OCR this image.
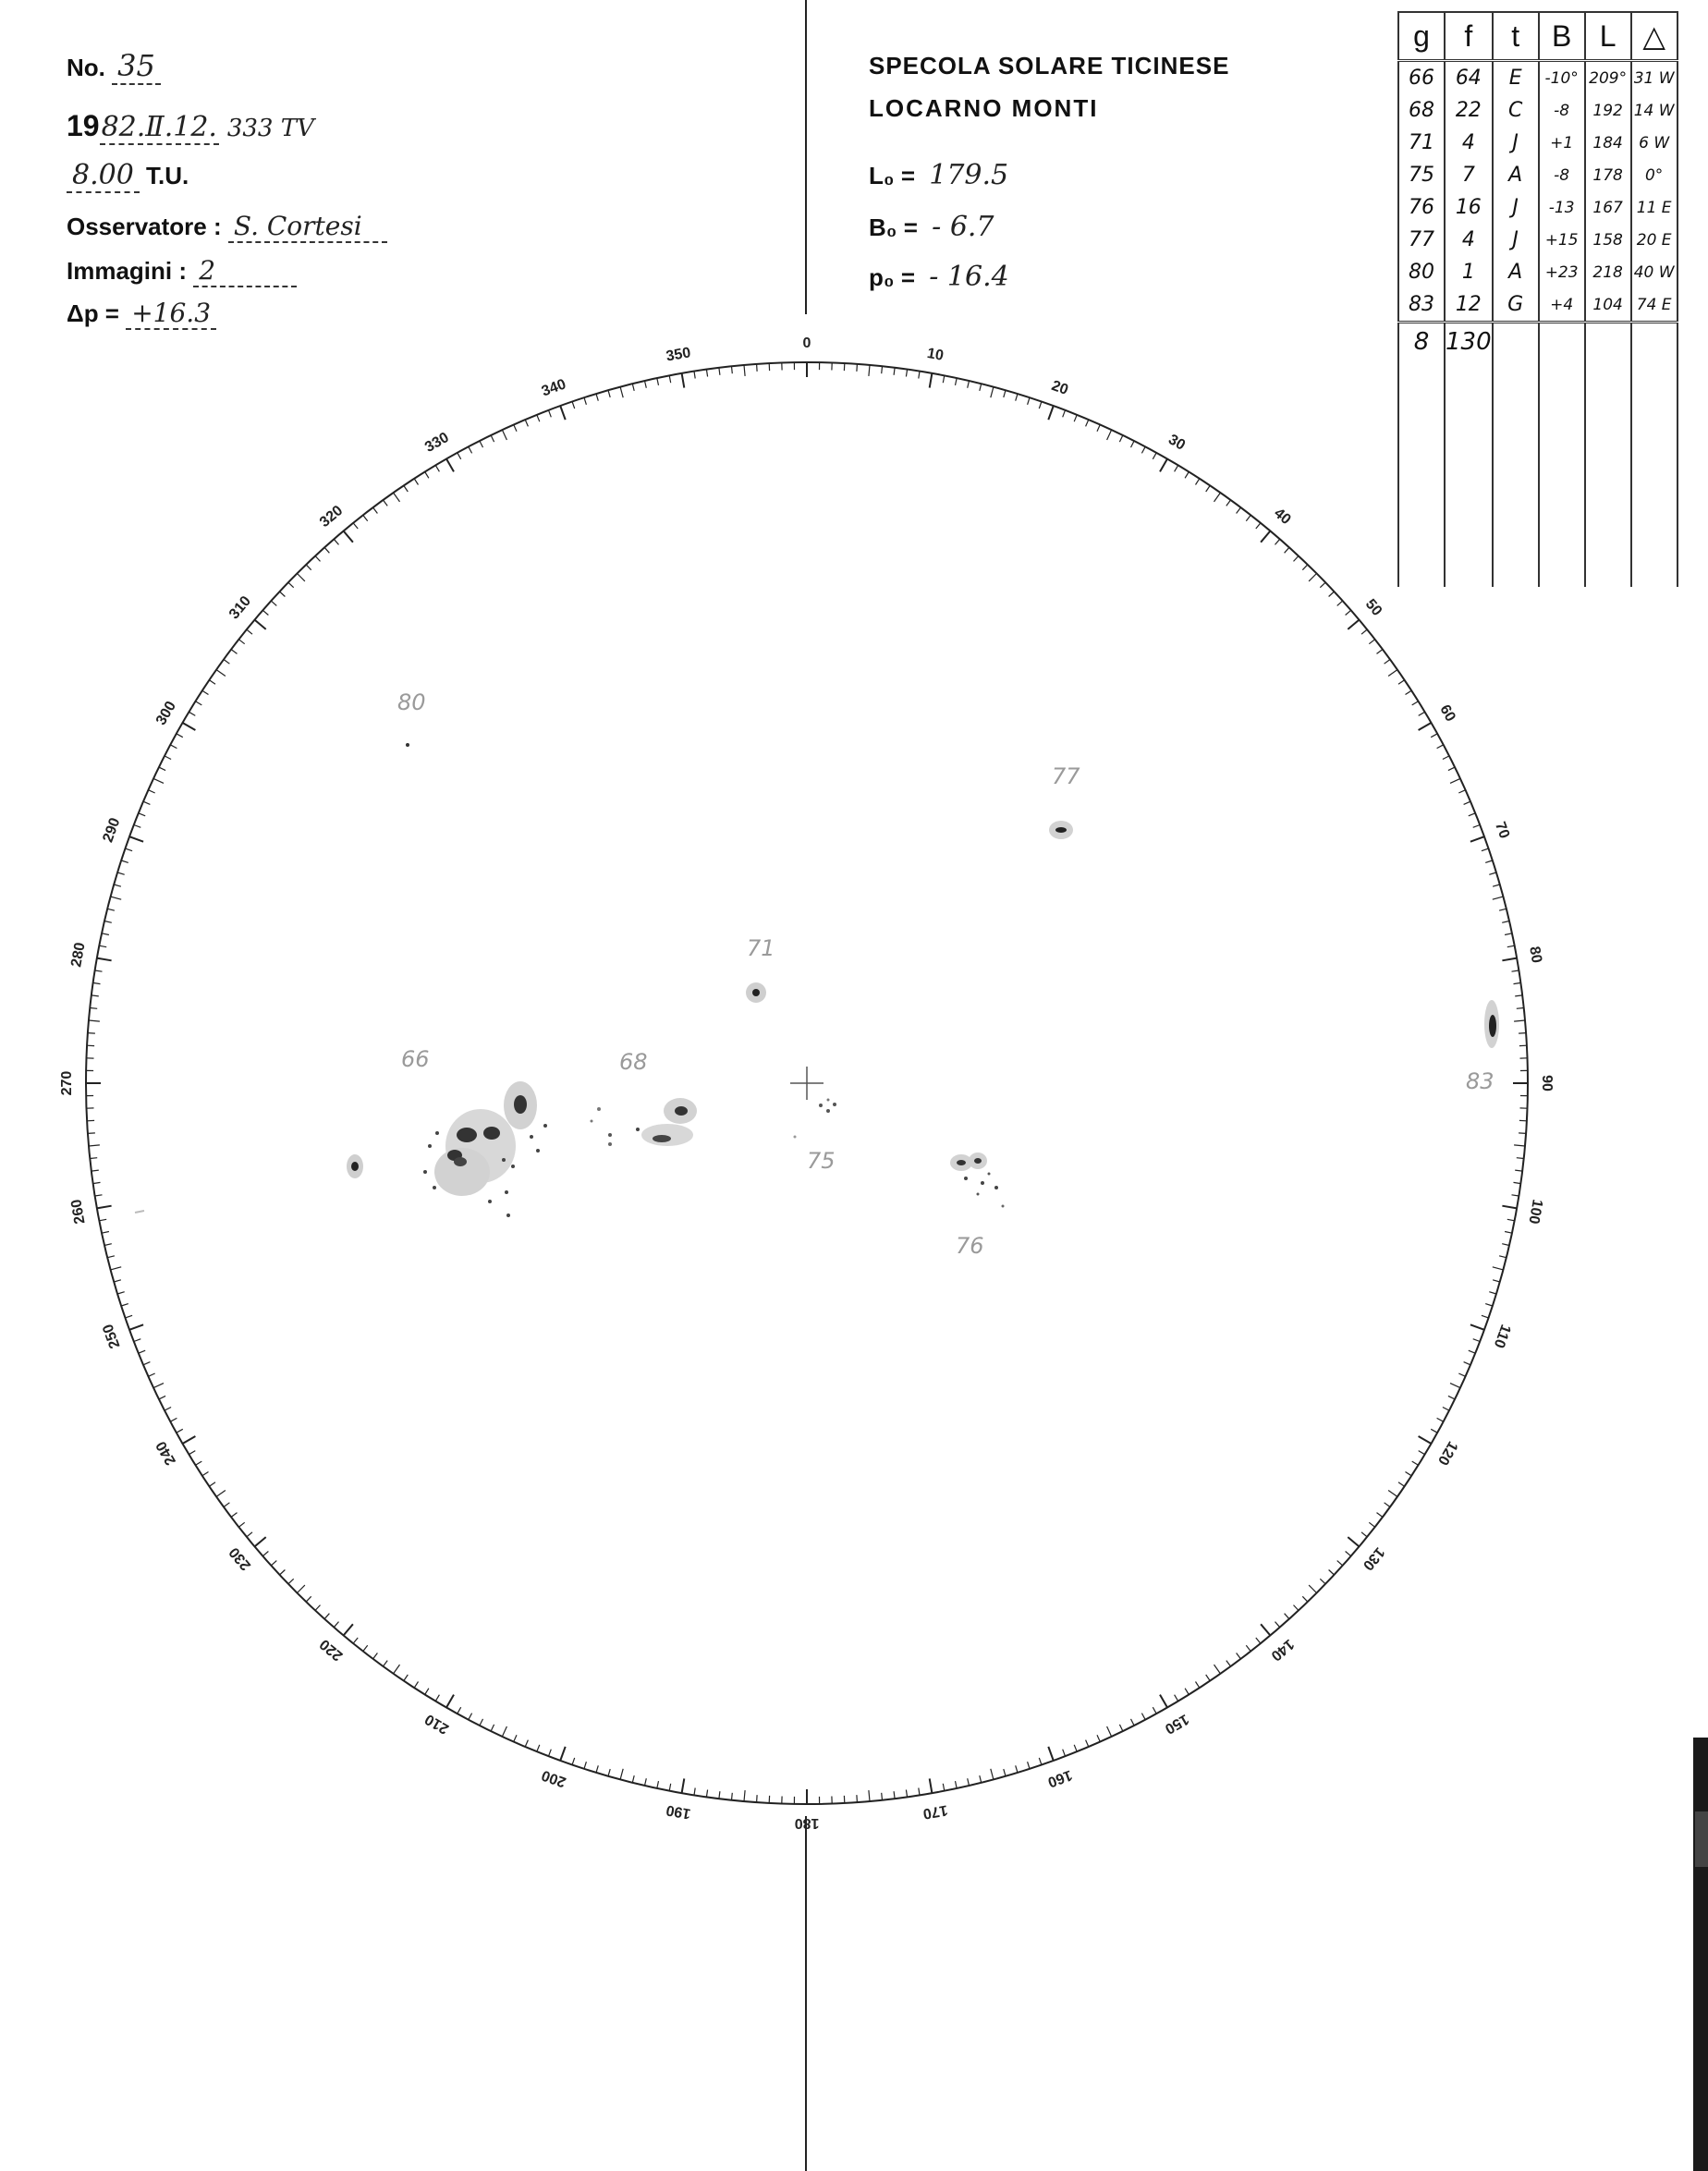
No. 35
1982.Ⅱ.12. 333 TV
8.00 T.U.
Osservatore : S. Cortesi
Immagini : 2
Δp = +16.3
SPECOLA SOLARE TICINESE
LOCARNO MONTI
L₀ = 179.5
B₀ = - 6.7
p₀ = - 16.4
g	f	t	B	L	△
66	64	E	-10°	209°	31 W
68	22	C	-8	192	14 W
71	4	J	+1	184	6 W
75	7	A	-8	178	0°
76	16	J	-13	167	11 E
77	4	J	+15	158	20 E
80	1	A	+23	218	40 W
83	12	G	+4	104	74 E
8	130				

0
10
20
30
40
50
60
70
80
90
100
110
120
130
140
150
160
170
180
190
200
210
220
230
240
250
260
270
280
290
300
310
320
330
340
350
66	68
71
75
76
77
80
83
